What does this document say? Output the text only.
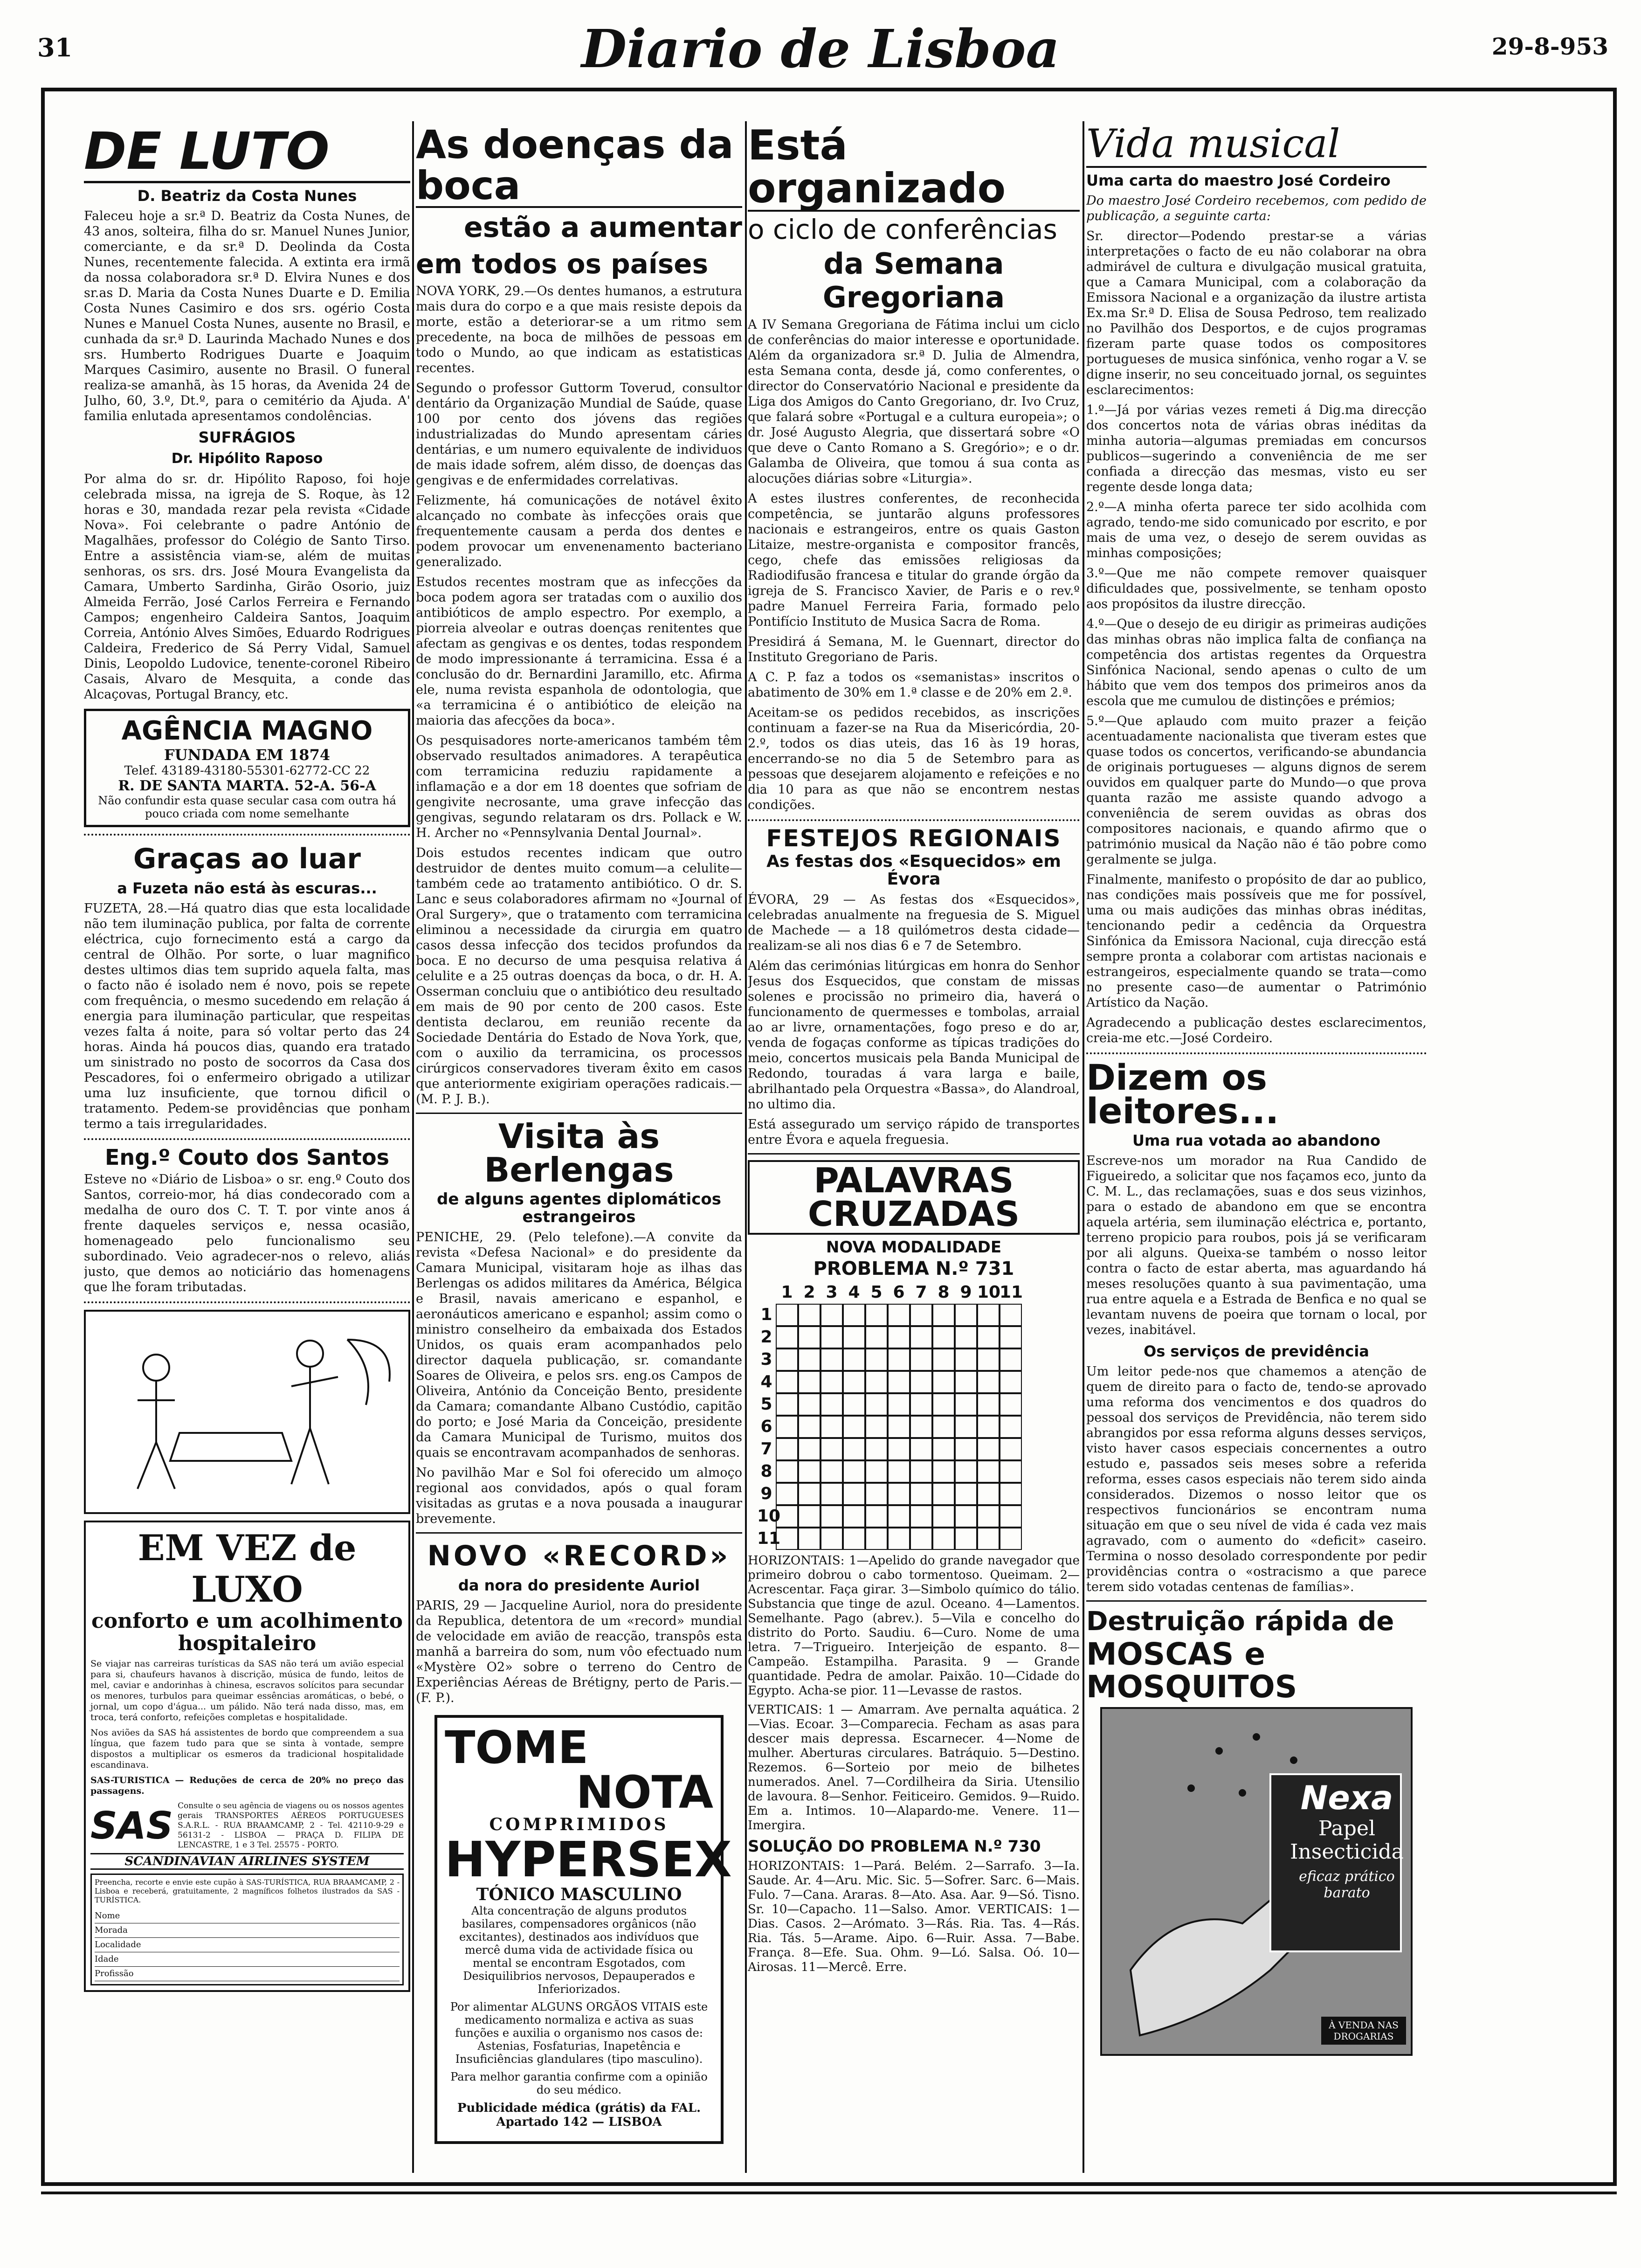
31	Diario de Lisboa	29-8-953
DE LUTO
D. Beatriz da Costa Nunes

Faleceu hoje a sr.ª D. Beatriz da Costa Nunes, de 43 anos, solteira, filha do sr. Manuel Nunes Junior, comerciante, e da sr.ª D. Deolinda da Costa Nunes, recentemente falecida. A extinta era irmã da nossa colaboradora sr.ª D. Elvira Nunes e dos sr.as D. Maria da Costa Nunes Duarte e D. Emilia Costa Nunes Casimiro e dos srs. ogério Costa Nunes e Manuel Costa Nunes, ausente no Brasil, e cunhada da sr.ª D. Laurinda Machado Nunes e dos srs. Humberto Rodrigues Duarte e Joaquim Marques Casimiro, ausente no Brasil. O funeral realiza-se amanhã, às 15 horas, da Avenida 24 de Julho, 60, 3.º, Dt.º, para o cemitério da Ajuda. A' familia enlutada apresentamos condolências.

SUFRÁGIOS
Dr. Hipólito Raposo

Por alma do sr. dr. Hipólito Raposo, foi hoje celebrada missa, na igreja de S. Roque, às 12 horas e 30, mandada rezar pela revista «Cidade Nova». Foi celebrante o padre António de Magalhães, professor do Colégio de Santo Tirso. Entre a assistência viam-se, além de muitas senhoras, os srs. drs. José Moura Evangelista da Camara, Umberto Sardinha, Girão Osorio, juiz Almeida Ferrão, José Carlos Ferreira e Fernando Campos; engenheiro Caldeira Santos, Joaquim Correia, António Alves Simões, Eduardo Rodrigues Caldeira, Frederico de Sá Perry Vidal, Samuel Dinis, Leopoldo Ludovice, tenente-coronel Ribeiro Casais, Alvaro de Mesquita, a conde das Alcaçovas, Portugal Brancy, etc.

AGÊNCIA MAGNO
FUNDADA EM 1874
Telef. 43189-43180-55301-62772-CC 22
R. DE SANTA MARTA. 52-A. 56-A
Não confundir esta quase secular casa com outra há pouco criada com nome semelhante
Graças ao luar
a Fuzeta não está às escuras...

FUZETA, 28.—Há quatro dias que esta localidade não tem iluminação publica, por falta de corrente eléctrica, cujo fornecimento está a cargo da central de Olhão. Por sorte, o luar magnifico destes ultimos dias tem suprido aquela falta, mas o facto não é isolado nem é novo, pois se repete com frequência, o mesmo sucedendo em relação á energia para iluminação particular, que respeitas vezes falta á noite, para só voltar perto das 24 horas. Ainda há poucos dias, quando era tratado um sinistrado no posto de socorros da Casa dos Pescadores, foi o enfermeiro obrigado a utilizar uma luz insuficiente, que tornou dificil o tratamento. Pedem-se providências que ponham termo a tais irregularidades.

Eng.º Couto dos Santos

Esteve no «Diário de Lisboa» o sr. eng.º Couto dos Santos, correio-mor, há dias condecorado com a medalha de ouro dos C. T. T. por vinte anos á frente daqueles serviços e, nessa ocasião, homenageado pelo funcionalismo seu subordinado. Veio agradecer-nos o relevo, aliás justo, que demos ao noticiário das homenagens que lhe foram tributadas.

EM VEZ de LUXO
conforto e um acolhimento hospitaleiro

Se viajar nas carreiras turísticas da SAS não terá um avião especial para si, chaufeurs havanos à discrição, música de fundo, leitos de mel, caviar e andorinhas à chinesa, escravos solícitos para secundar os menores, turbulos para queimar essências aromáticas, o bebé, o jornal, um copo d'água... um pálido. Não terá nada disso, mas, em troca, terá conforto, refeições completas e hospitalidade.

Nos aviões da SAS há assistentes de bordo que compreendem a sua língua, que fazem tudo para que se sinta à vontade, sempre dispostos a multiplicar os esmeros da tradicional hospitalidade escandinava.

SAS-TURISTICA — Reduções de cerca de 20% no preço das passagens.

SAS Consulte o seu agência de viagens ou os nossos agentes gerais TRANSPORTES AÉREOS PORTUGUESES S.A.R.L. - RUA BRAAMCAMP, 2 - Tel. 42110-9-29 e 56131-2 - LISBOA — PRAÇA D. FILIPA DE LENCASTRE, 1 e 3 Tel. 25575 - PORTO.

SCANDINAVIAN AIRLINES SYSTEM

Preencha, recorte e envie este cupão à SAS-TURÍSTICA, RUA BRAAMCAMP, 2 - Lisboa e receberá, gratuitamente, 2 magníficos folhetos ilustrados da SAS - TURÍSTICA.

Nome
Morada
Localidade
Idade
Profissão
As doenças da boca
estão a aumentar
em todos os países

NOVA YORK, 29.—Os dentes humanos, a estrutura mais dura do corpo e a que mais resiste depois da morte, estão a deteriorar-se a um ritmo sem precedente, na boca de milhões de pessoas em todo o Mundo, ao que indicam as estatisticas recentes.

Segundo o professor Guttorm Toverud, consultor dentário da Organização Mundial de Saúde, quase 100 por cento dos jóvens das regiões industrializadas do Mundo apresentam cáries dentárias, e um numero equivalente de individuos de mais idade sofrem, além disso, de doenças das gengivas e de enfermidades correlativas.

Felizmente, há comunicações de notável êxito alcançado no combate às infecções orais que frequentemente causam a perda dos dentes e podem provocar um envenenamento bacteriano generalizado.

Estudos recentes mostram que as infecções da boca podem agora ser tratadas com o auxilio dos antibióticos de amplo espectro. Por exemplo, a piorreia alveolar e outras doenças renitentes que afectam as gengivas e os dentes, todas respondem de modo impressionante á terramicina. Essa é a conclusão do dr. Bernardini Jaramillo, etc. Afirma ele, numa revista espanhola de odontologia, que «a terramicina é o antibiótico de eleição na maioria das afecções da boca».

Os pesquisadores norte-americanos também têm observado resultados animadores. A terapêutica com terramicina reduziu rapidamente a inflamação e a dor em 18 doentes que sofriam de gengivite necrosante, uma grave infecção das gengivas, segundo relataram os drs. Pollack e W. H. Archer no «Pennsylvania Dental Journal».

Dois estudos recentes indicam que outro destruidor de dentes muito comum—a celulite—também cede ao tratamento antibiótico. O dr. S. Lanc e seus colaboradores afirmam no «Journal of Oral Surgery», que o tratamento com terramicina eliminou a necessidade da cirurgia em quatro casos dessa infecção dos tecidos profundos da boca. E no decurso de uma pesquisa relativa á celulite e a 25 outras doenças da boca, o dr. H. A. Osserman concluiu que o antibiótico deu resultado em mais de 90 por cento de 200 casos. Este dentista declarou, em reunião recente da Sociedade Dentária do Estado de Nova York, que, com o auxilio da terramicina, os processos cirúrgicos conservadores tiveram êxito em casos que anteriormente exigiriam operações radicais.—(M. P. J. B.).

Visita às Berlengas
de alguns agentes diplomáticos estrangeiros

PENICHE, 29. (Pelo telefone).—A convite da revista «Defesa Nacional» e do presidente da Camara Municipal, visitaram hoje as ilhas das Berlengas os adidos militares da América, Bélgica e Brasil, navais americano e espanhol, e aeronáuticos americano e espanhol; assim como o ministro conselheiro da embaixada dos Estados Unidos, os quais eram acompanhados pelo director daquela publicação, sr. comandante Soares de Oliveira, e pelos srs. eng.os Campos de Oliveira, António da Conceição Bento, presidente da Camara; comandante Albano Custódio, capitão do porto; e José Maria da Conceição, presidente da Camara Municipal de Turismo, muitos dos quais se encontravam acompanhados de senhoras.

No pavilhão Mar e Sol foi oferecido um almoço regional aos convidados, após o qual foram visitadas as grutas e a nova pousada a inaugurar brevemente.

NOVO «RECORD»
da nora do presidente Auriol

PARIS, 29 — Jacqueline Auriol, nora do presidente da Republica, detentora de um «record» mundial de velocidade em avião de reacção, transpôs esta manhã a barreira do som, num vôo efectuado num «Mystère O2» sobre o terreno do Centro de Experiências Aéreas de Brétigny, perto de Paris.—(F. P.).

TOME
NOTA
COMPRIMIDOS
HYPERSEX
TÓNICO MASCULINO

Alta concentração de alguns produtos basilares, compensadores orgânicos (não excitantes), destinados aos indivíduos que mercê duma vida de actividade física ou mental se encontram Esgotados, com Desiquilibrios nervosos, Depauperados e Inferiorizados.

Por alimentar ALGUNS ORGÃOS VITAIS este medicamento normaliza e activa as suas funções e auxilia o organismo nos casos de: Astenias, Fosfaturias, Inapetência e Insuficiências glandulares (tipo masculino).

Para melhor garantia confirme com a opinião do seu médico.

Publicidade médica (grátis) da FAL. Apartado 142 — LISBOA

Está organizado
o ciclo de conferências
da Semana Gregoriana

A IV Semana Gregoriana de Fátima inclui um ciclo de conferências do maior interesse e oportunidade. Além da organizadora sr.ª D. Julia de Almendra, esta Semana conta, desde já, como conferentes, o director do Conservatório Nacional e presidente da Liga dos Amigos do Canto Gregoriano, dr. Ivo Cruz, que falará sobre «Portugal e a cultura europeia»; o dr. José Augusto Alegria, que dissertará sobre «O que deve o Canto Romano a S. Gregório»; e o dr. Galamba de Oliveira, que tomou á sua conta as alocuções diárias sobre «Liturgia».

A estes ilustres conferentes, de reconhecida competência, se juntarão alguns professores nacionais e estrangeiros, entre os quais Gaston Litaize, mestre-organista e compositor francês, cego, chefe das emissões religiosas da Radiodifusão francesa e titular do grande órgão da igreja de S. Francisco Xavier, de Paris e o rev.º padre Manuel Ferreira Faria, formado pelo Pontifício Instituto de Musica Sacra de Roma.

Presidirá á Semana, M. le Guennart, director do Instituto Gregoriano de Paris.

A C. P. faz a todos os «semanistas» inscritos o abatimento de 30% em 1.ª classe e de 20% em 2.ª.

Aceitam-se os pedidos recebidos, as inscrições continuam a fazer-se na Rua da Misericórdia, 20-2.º, todos os dias uteis, das 16 às 19 horas, encerrando-se no dia 5 de Setembro para as pessoas que desejarem alojamento e refeições e no dia 10 para as que não se encontrem nestas condições.

FESTEJOS REGIONAIS
As festas dos «Esquecidos» em Évora

ÉVORA, 29 — As festas dos «Esquecidos», celebradas anualmente na freguesia de S. Miguel de Machede — a 18 quilómetros desta cidade—realizam-se ali nos dias 6 e 7 de Setembro.

Além das cerimónias litúrgicas em honra do Senhor Jesus dos Esquecidos, que constam de missas solenes e procissão no primeiro dia, haverá o funcionamento de quermesses e tombolas, arraial ao ar livre, ornamentações, fogo preso e do ar, venda de fogaças conforme as típicas tradições do meio, concertos musicais pela Banda Municipal de Redondo, touradas á vara larga e baile, abrilhantado pela Orquestra «Bassa», do Alandroal, no ultimo dia.

Está assegurado um serviço rápido de transportes entre Évora e aquela freguesia.

PALAVRAS CRUZADAS
NOVA MODALIDADE
PROBLEMA N.º 731
1 2 3 4 5 6 7 8 9 10
11
1
2
3
4
5
6
7
8
9
10
11

HORIZONTAIS: 1—Apelido do grande navegador que primeiro dobrou o cabo tormentoso. Queimam. 2—Acrescentar. Faça girar. 3—Simbolo químico do tálio. Substancia que tinge de azul. Oceano. 4—Lamentos. Semelhante. Pago (abrev.). 5—Vila e concelho do distrito do Porto. Saudiu. 6—Curo. Nome de uma letra. 7—Trigueiro. Interjeição de espanto. 8—Campeão. Estampilha. Parasita. 9 — Grande quantidade. Pedra de amolar. Paixão. 10—Cidade do Egypto. Acha-se pior. 11—Levasse de rastos.

VERTICAIS: 1 — Amarram. Ave pernalta aquática. 2—Vias. Ecoar. 3—Comparecia. Fecham as asas para descer mais depressa. Escarnecer. 4—Nome de mulher. Aberturas circulares. Batráquio. 5—Destino. Rezemos. 6—Sorteio por meio de bilhetes numerados. Anel. 7—Cordilheira da Siria. Utensilio de lavoura. 8—Senhor. Feiticeiro. Gemidos. 9—Ruido. Em a. Intimos. 10—Alapardo-me. Venere. 11—Imergira.

SOLUÇÃO DO PROBLEMA N.º 730

HORIZONTAIS: 1—Pará. Belém. 2—Sarrafo. 3—Ia. Saude. Ar. 4—Aru. Mic. Sic. 5—Sofrer. Sarc. 6—Mais. Fulo. 7—Cana. Araras. 8—Ato. Asa. Aar. 9—Só. Tisno. Sr. 10—Capacho. 11—Salso. Amor. VERTICAIS: 1—Dias. Casos. 2—Arómato. 3—Rás. Ria. Tas. 4—Rás. Ria. Tás. 5—Arame. Aipo. 6—Ruir. Assa. 7—Babe. França. 8—Efe. Sua. Ohm. 9—Ló. Salsa. Oó. 10—Airosas. 11—Mercê. Erre.

Vida musical
Uma carta do maestro José Cordeiro

Do maestro José Cordeiro recebemos, com pedido de publicação, a seguinte carta:

Sr. director—Podendo prestar-se a várias interpretações o facto de eu não colaborar na obra admirável de cultura e divulgação musical gratuita, que a Camara Municipal, com a colaboração da Emissora Nacional e a organização da ilustre artista Ex.ma Sr.ª D. Elisa de Sousa Pedroso, tem realizado no Pavilhão dos Desportos, e de cujos programas fizeram parte quase todos os compositores portugueses de musica sinfónica, venho rogar a V. se digne inserir, no seu conceituado jornal, os seguintes esclarecimentos:

1.º—Já por várias vezes remeti á Dig.ma direcção dos concertos nota de várias obras inéditas da minha autoria—algumas premiadas em concursos publicos—sugerindo a conveniência de me ser confiada a direcção das mesmas, visto eu ser regente desde longa data;

2.º—A minha oferta parece ter sido acolhida com agrado, tendo-me sido comunicado por escrito, e por mais de uma vez, o desejo de serem ouvidas as minhas composições;

3.º—Que me não compete remover quaisquer dificuldades que, possivelmente, se tenham oposto aos propósitos da ilustre direcção.

4.º—Que o desejo de eu dirigir as primeiras audições das minhas obras não implica falta de confiança na competência dos artistas regentes da Orquestra Sinfónica Nacional, sendo apenas o culto de um hábito que vem dos tempos dos primeiros anos da escola que me cumulou de distinções e prémios;

5.º—Que aplaudo com muito prazer a feição acentuadamente nacionalista que tiveram estes que quase todos os concertos, verificando-se abundancia de originais portugueses — alguns dignos de serem ouvidos em qualquer parte do Mundo—o que prova quanta razão me assiste quando advogo a conveniência de serem ouvidas as obras dos compositores nacionais, e quando afirmo que o património musical da Nação não é tão pobre como geralmente se julga.

Finalmente, manifesto o propósito de dar ao publico, nas condições mais possíveis que me for possível, uma ou mais audições das minhas obras inéditas, tencionando pedir a cedência da Orquestra Sinfónica da Emissora Nacional, cuja direcção está sempre pronta a colaborar com artistas nacionais e estrangeiros, especialmente quando se trata—como no presente caso—de aumentar o Património Artístico da Nação.

Agradecendo a publicação destes esclarecimentos, creia-me etc.—José Cordeiro.

Dizem os leitores...
Uma rua votada ao abandono

Escreve-nos um morador na Rua Candido de Figueiredo, a solicitar que nos façamos eco, junto da C. M. L., das reclamações, suas e dos seus vizinhos, para o estado de abandono em que se encontra aquela artéria, sem iluminação eléctrica e, portanto, terreno propicio para roubos, pois já se verificaram por ali alguns. Queixa-se também o nosso leitor contra o facto de estar aberta, mas aguardando há meses resoluções quanto à sua pavimentação, uma rua entre aquela e a Estrada de Benfica e no qual se levantam nuvens de poeira que tornam o local, por vezes, inabitável.

Os serviços de previdência

Um leitor pede-nos que chamemos a atenção de quem de direito para o facto de, tendo-se aprovado uma reforma dos vencimentos e dos quadros do pessoal dos serviços de Previdência, não terem sido abrangidos por essa reforma alguns desses serviços, visto haver casos especiais concernentes a outro estudo e, passados seis meses sobre a referida reforma, esses casos especiais não terem sido ainda considerados. Dizemos o nosso leitor que os respectivos funcionários se encontram numa situação em que o seu nível de vida é cada vez mais agravado, com o aumento do «deficit» caseiro. Termina o nosso desolado correspondente por pedir providências contra o «ostracismo a que parece terem sido votadas centenas de famílias».

Destruição rápida de
MOSCAS e MOSQUITOS
Nexa
Papel Insecticida
eficaz prático barato
À VENDA NAS DROGARIAS
